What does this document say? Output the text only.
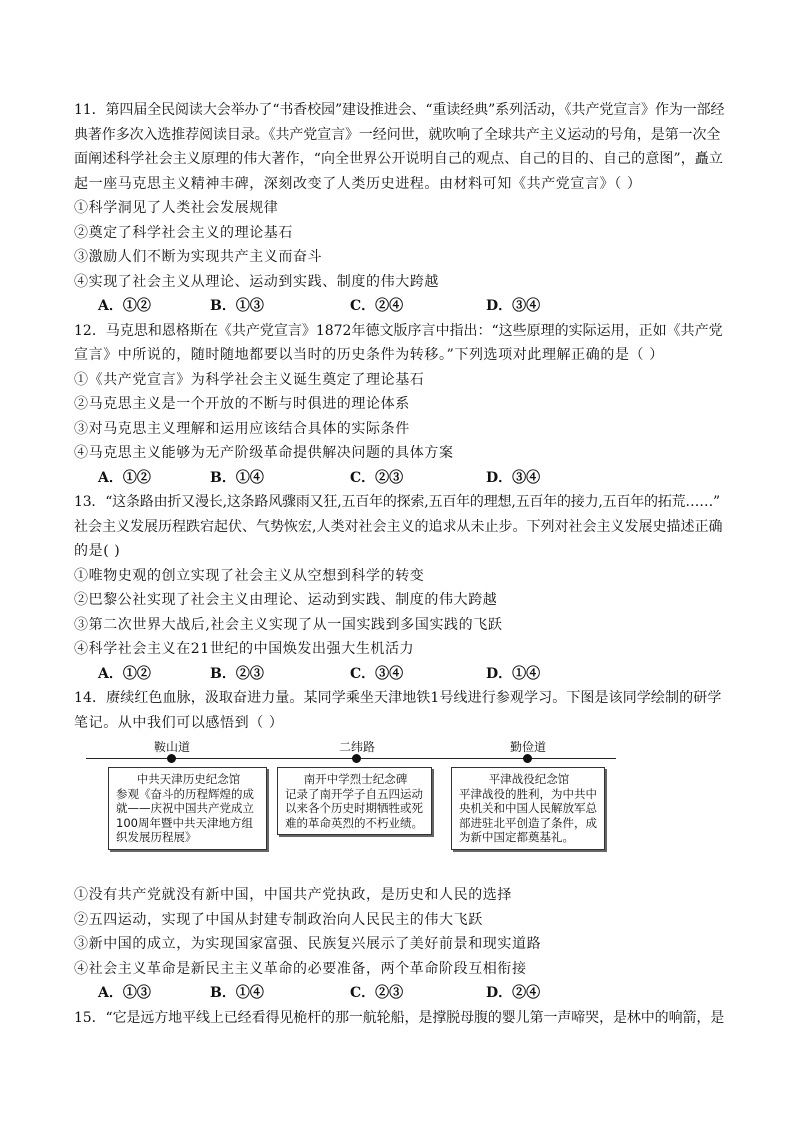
11．第四届全民阅读大会举办了“书香校园”建设推进会、“重读经典”系列活动，《共产党宣言》作为一部经
典著作多次入选推荐阅读目录。《共产党宣言》一经问世，就吹响了全球共产主义运动的号角，是第一次全
面阐述科学社会主义原理的伟大著作，“向全世界公开说明自己的观点、自己的目的、自己的意图”，矗立
起一座马克思主义精神丰碑，深刻改变了人类历史进程。由材料可知《共产党宣言》（ ）
①科学洞见了人类社会发展规律
②奠定了科学社会主义的理论基石
③激励人们不断为实现共产主义而奋斗
④实现了社会主义从理论、运动到实践、制度的伟大跨越
A．①②	B．①③	C．②④	D．③④
12．马克思和恩格斯在《共产党宣言》1872年德文版序言中指出：“这些原理的实际运用，正如《共产党
宣言》中所说的，随时随地都要以当时的历史条件为转移。”下列选项对此理解正确的是（ ）
①《共产党宣言》为科学社会主义诞生奠定了理论基石
②马克思主义是一个开放的不断与时俱进的理论体系
③对马克思主义理解和运用应该结合具体的实际条件
④马克思主义能够为无产阶级革命提供解决问题的具体方案
A．①②	B．①④	C．②③	D．③④
13．“这条路由折又漫长,这条路风骤雨又狂,五百年的探索,五百年的理想,五百年的接力,五百年的拓荒……”
社会主义发展历程跌宕起伏、气势恢宏,人类对社会主义的追求从未止步。下列对社会主义发展史描述正确
的是( )
①唯物史观的创立实现了社会主义从空想到科学的转变
②巴黎公社实现了社会主义由理论、运动到实践、制度的伟大跨越
③第二次世界大战后,社会主义实现了从一国实践到多国实践的飞跃
④科学社会主义在21世纪的中国焕发出强大生机活力
A．①②	B．②③	C．③④	D．①④
14．赓续红色血脉，汲取奋进力量。某同学乘坐天津地铁1号线进行参观学习。下图是该同学绘制的研学
笔记。从中我们可以感悟到（ ）
鞍山道	二纬路	勤俭道
中共天津历史纪念馆
参观《奋斗的历程辉煌的成就——庆祝中国共产党成立100周年暨中共天津地方组织发展历程展》
南开中学烈士纪念碑
记录了南开学子自五四运动以来各个历史时期牺牲或死难的革命英烈的不朽业绩。
平津战役纪念馆
平津战役的胜利，为中共中央机关和中国人民解放军总部进驻北平创造了条件，成为新中国定都奠基礼。
①没有共产党就没有新中国，中国共产党执政，是历史和人民的选择
②五四运动，实现了中国从封建专制政治向人民民主的伟大飞跃
③新中国的成立，为实现国家富强、民族复兴展示了美好前景和现实道路
④社会主义革命是新民主主义革命的必要准备，两个革命阶段互相衔接
A．①③	B．①④	C．②③	D．②④
15．“它是远方地平线上已经看得见桅杆的那一航轮船，是撑脱母腹的婴儿第一声啼哭，是林中的响箭，是
